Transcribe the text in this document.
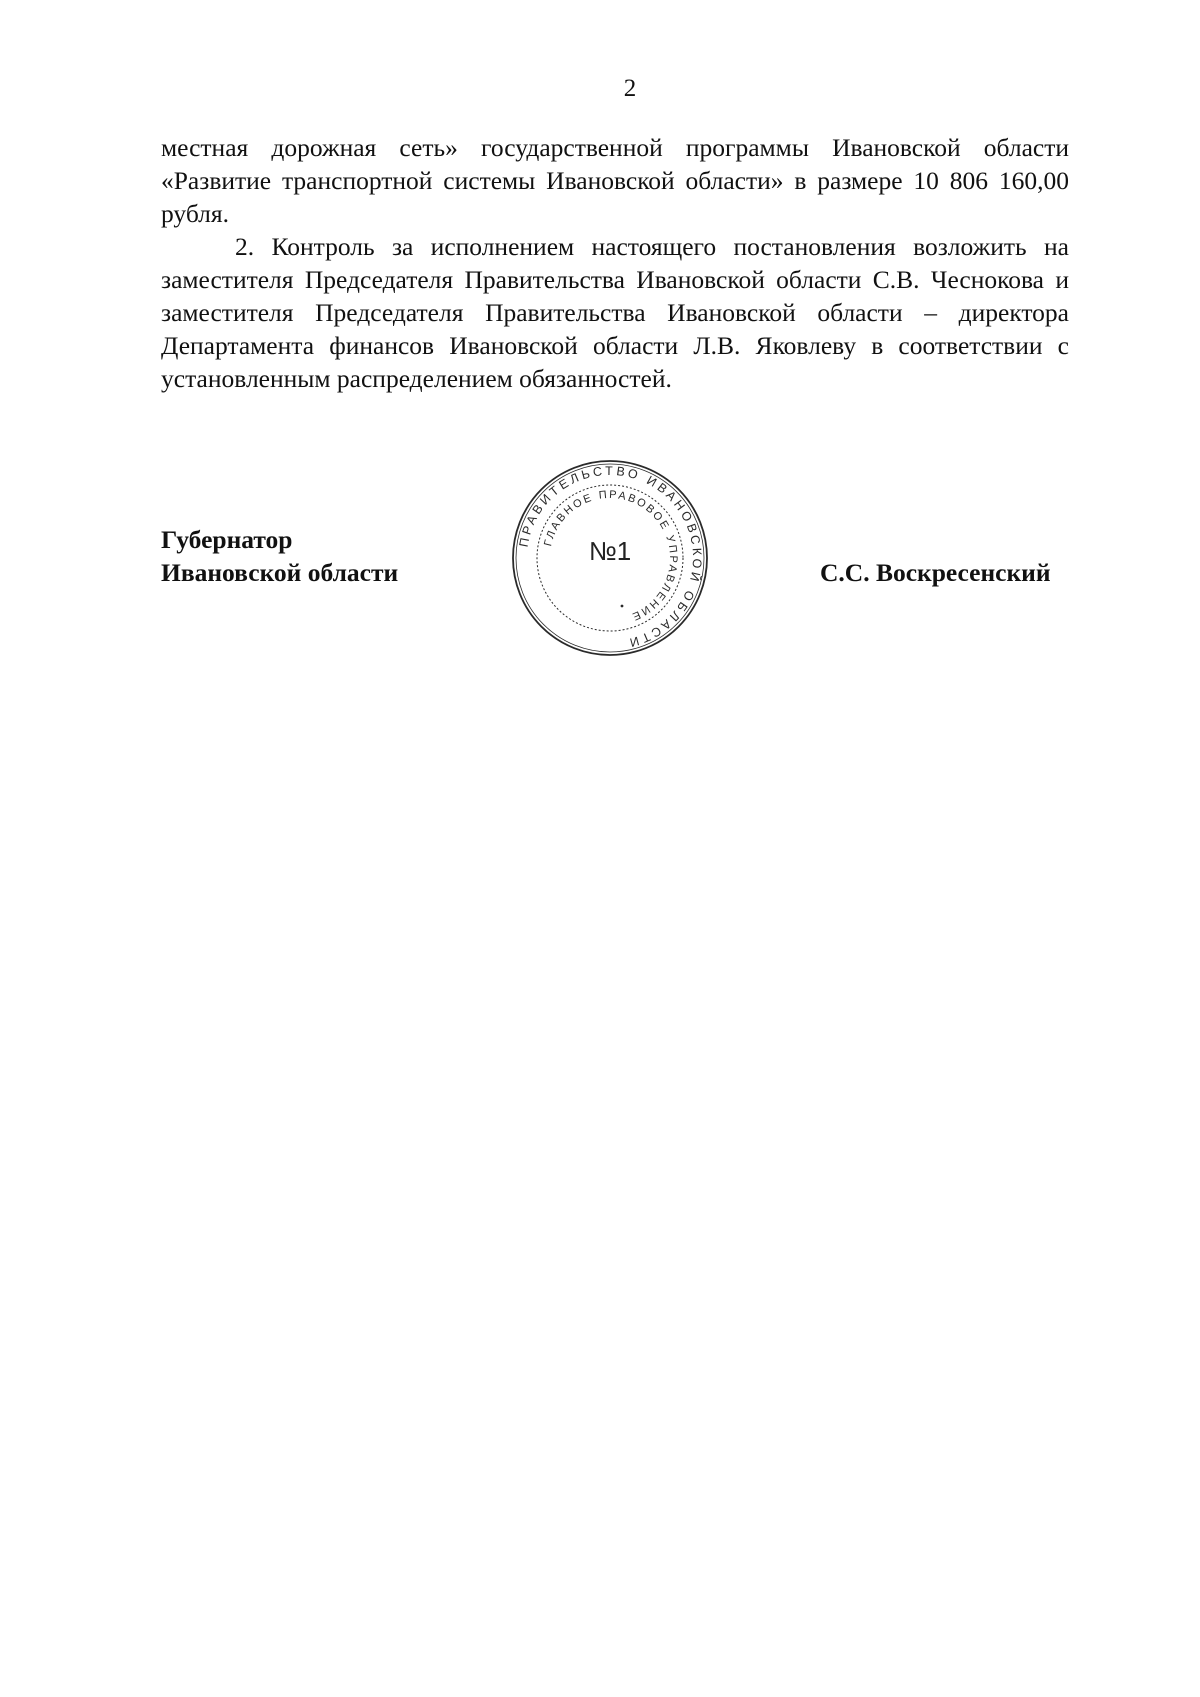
2

местная дорожная сеть» государственной программы Ивановской области «Развитие транспортной системы Ивановской области» в размере 10 806 160,00 рубля.

2. Контроль за исполнением настоящего постановления возложить на заместителя Председателя Правительства Ивановской области С.В. Чеснокова и заместителя Председателя Правительства Ивановской области – директора Департамента финансов Ивановской области Л.В. Яковлеву в соответствии с установленным распределением обязанностей.

Губернатор
Ивановской области
ПРАВИТЕЛЬСТВО ИВАНОВСКОЙ ОБЛАСТИ
ГЛАВНОЕ ПРАВОВОЕ УПРАВЛЕНИЕ
№1
С.С. Воскресенский
